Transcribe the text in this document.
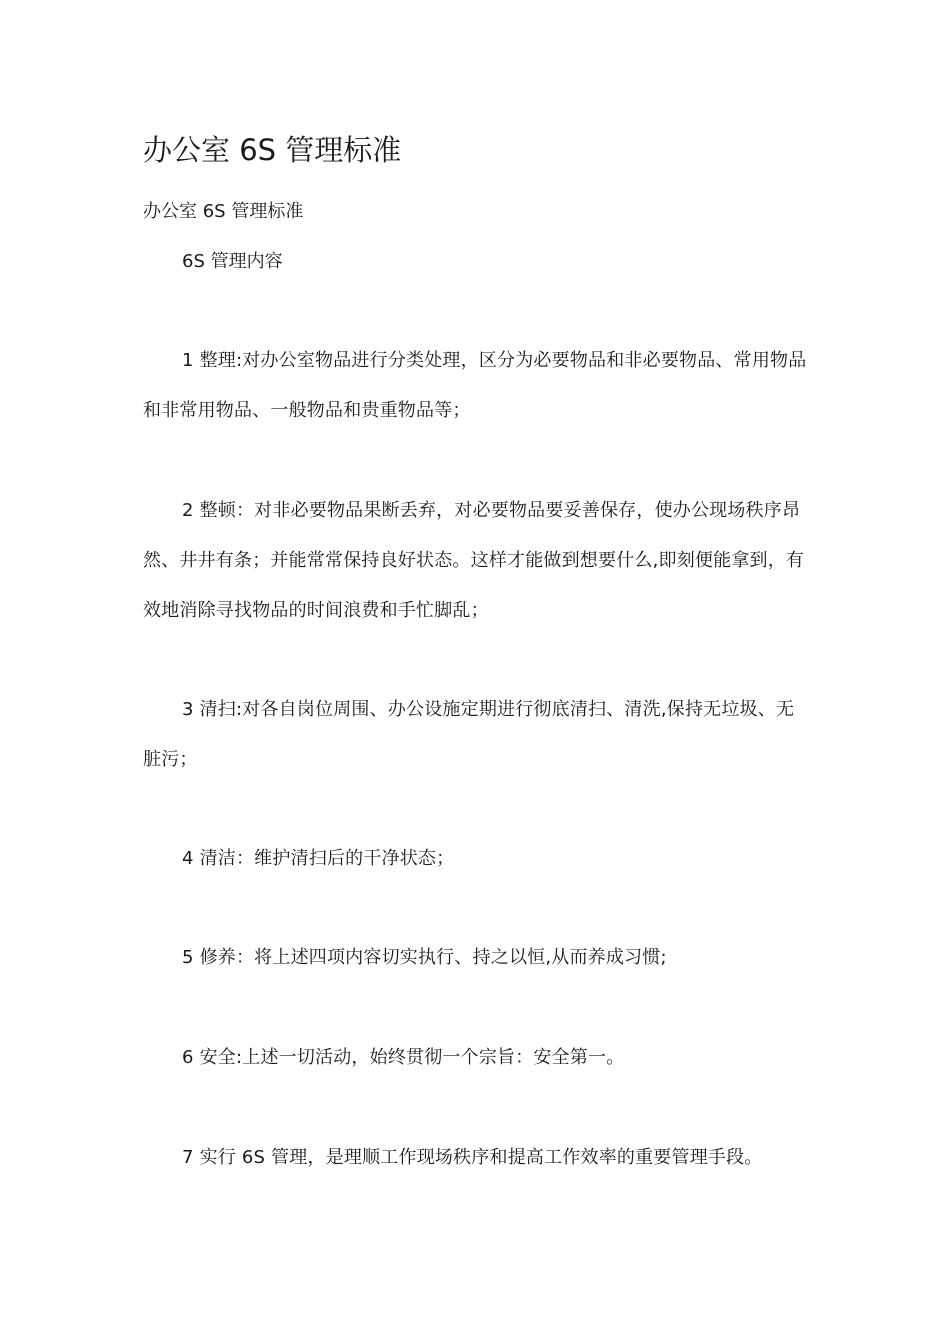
办公室 6S 管理标准
办公室 6S 管理标准
6S 管理内容

1 整理:对办公室物品进行分类处理，区分为必要物品和非必要物品、常用物品和非常用物品、一般物品和贵重物品等；

2 整顿：对非必要物品果断丢弃，对必要物品要妥善保存，使办公现场秩序昂然、井井有条；并能常常保持良好状态。这样才能做到想要什么,即刻便能拿到，有效地消除寻找物品的时间浪费和手忙脚乱；

3 清扫:对各自岗位周围、办公设施定期进行彻底清扫、清洗,保持无垃圾、无脏污；

4 清洁：维护清扫后的干净状态；

5 修养：将上述四项内容切实执行、持之以恒,从而养成习惯;

6 安全:上述一切活动，始终贯彻一个宗旨：安全第一。

7 实行 6S 管理，是理顺工作现场秩序和提高工作效率的重要管理手段。
